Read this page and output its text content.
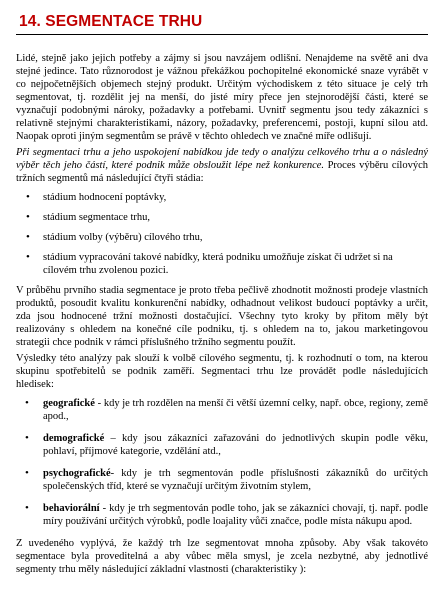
14. SEGMENTACE TRHU

Lidé, stejně jako jejich potřeby a zájmy si jsou navzájem odlišní. Nenajdeme na světě ani dva stejné jedince. Tato různorodost je vážnou překážkou pochopitelné ekonomické snaze vyrábět v co nejpočetnějších objemech stejný produkt. Určitým východiskem z této situace je celý trh segmentovat, tj. rozdělit jej na menší, do jisté míry přece jen stejnorodější části, které se vyznačují podobnými nároky, požadavky a potřebami. Uvnitř segmentu jsou tedy zákazníci s relativně stejnými charakteristikami, názory, požadavky, preferencemi, postoji, kupní silou atd. Naopak oproti jiným segmentům se právě v těchto ohledech ve značné míře odlišují.

Při segmentaci trhu a jeho uspokojení nabídkou jde tedy o analýzu celkového trhu a o následný výběr těch jeho částí, které podnik může obsloužit lépe než konkurence. Proces výběru cílových tržních segmentů má následující čtyři stádia:

• stádium hodnocení poptávky,
• stádium segmentace trhu,
• stádium volby (výběru) cílového trhu,
• stádium vypracování takové nabídky, která podniku umožňuje získat či udržet si na cílovém trhu zvolenou pozici.

V průběhu prvního stadia segmentace je proto třeba pečlivě zhodnotit možnosti prodeje vlastních produktů, posoudit kvalitu konkurenční nabídky, odhadnout velikost budoucí poptávky a určit, zda jsou hodnocené tržní možnosti dostačující. Všechny tyto kroky by přitom měly být realizovány s ohledem na konečné cíle podniku, tj. s ohledem na to, jakou marketingovou strategii chce podnik v rámci příslušného tržního segmentu použít.

Výsledky této analýzy pak slouží k volbě cílového segmentu, tj. k rozhodnutí o tom, na kterou skupinu spotřebitelů se podnik zaměří. Segmentaci trhu lze provádět podle následujících hledisek:

• geografické - kdy je trh rozdělen na menší či větší územní celky, např. obce, regiony, země apod.,
• demografické – kdy jsou zákazníci zařazováni do jednotlivých skupin podle věku, pohlaví, příjmové kategorie, vzdělání atd.,
• psychografické- kdy je trh segmentován podle příslušnosti zákazníků do určitých společenských tříd, které se vyznačují určitým životním stylem,
• behaviorální - kdy je trh segmentován podle toho, jak se zákazníci chovají, tj. např. podle míry používání určitých výrobků, podle loajality vůči značce, podle místa nákupu apod.

Z uvedeného vyplývá, že každý trh lze segmentovat mnoha způsoby. Aby však takovéto segmentace byla proveditelná a aby vůbec měla smysl, je zcela nezbytné, aby jednotlivé segmenty trhu měly následující základní vlastnosti (charakteristiky ):
